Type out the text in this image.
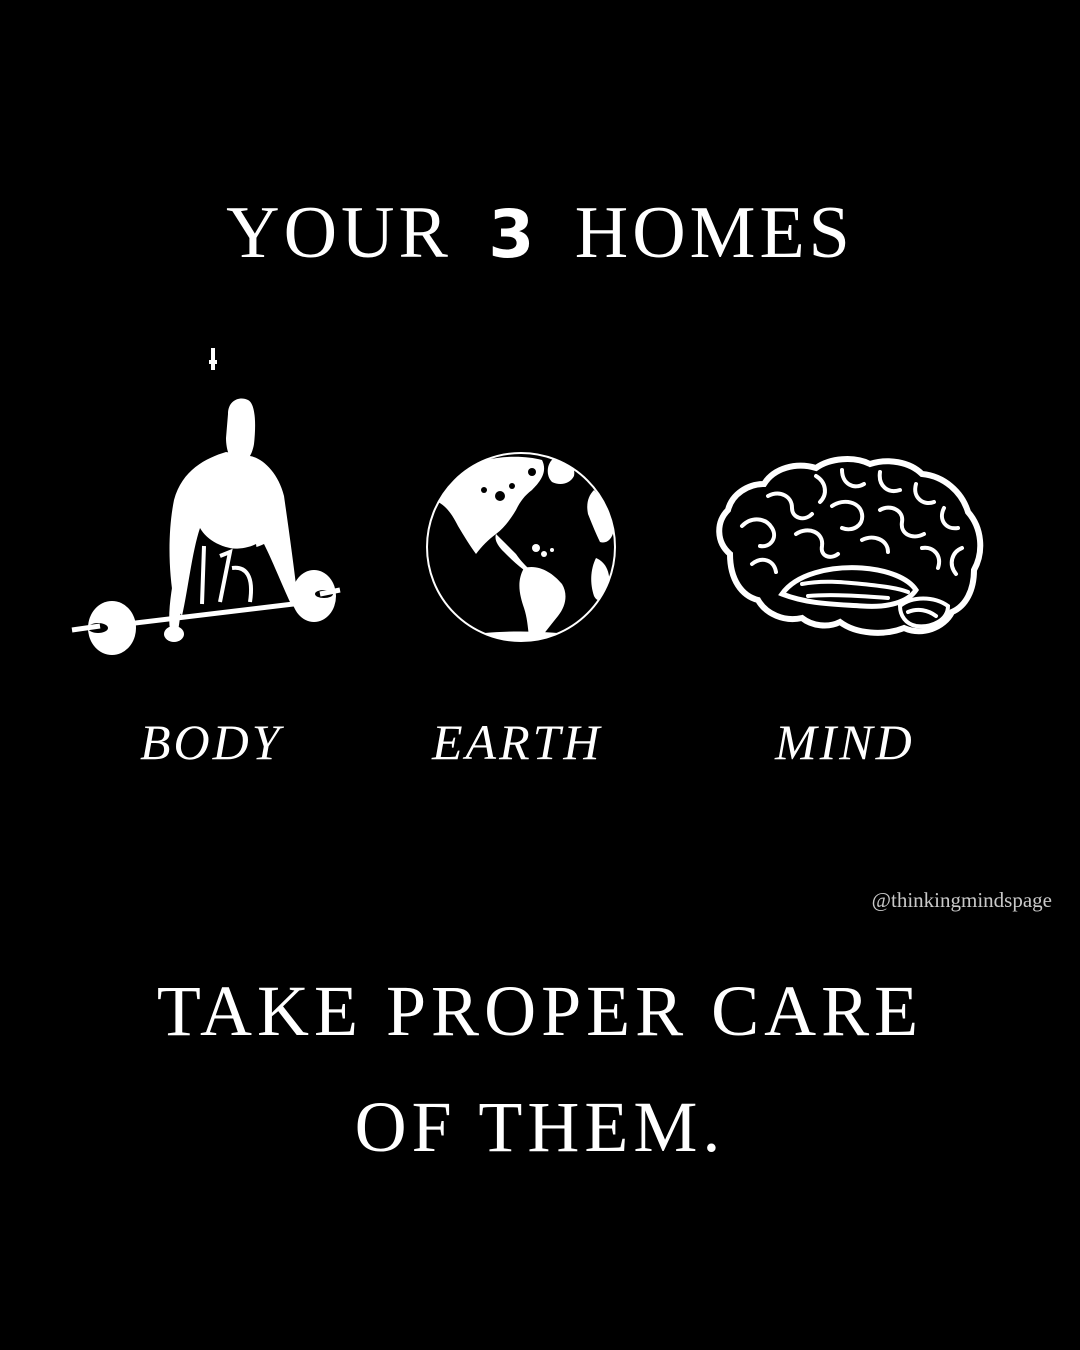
YOUR 3 HOMES
BODY	EARTH	MIND
@thinkingmindspage
TAKE PROPER CARE
OF THEM.
